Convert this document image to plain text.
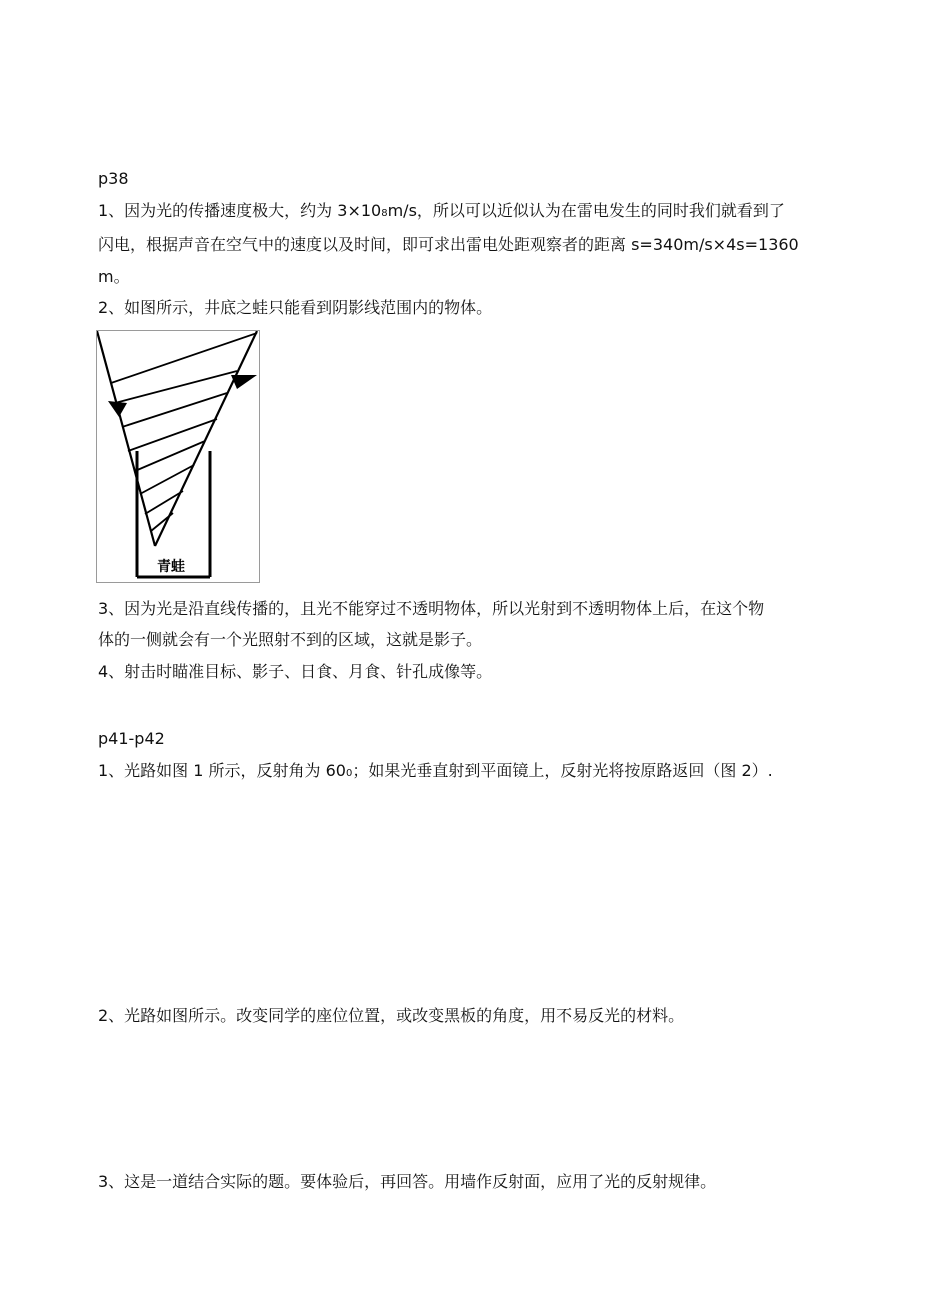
p38
1、因为光的传播速度极大，约为 3×108m/s，所以可以近似认为在雷电发生的同时我们就看到了
闪电，根据声音在空气中的速度以及时间，即可求出雷电处距观察者的距离 s=340m/s×4s=1360
m。
2、如图所示，井底之蛙只能看到阴影线范围内的物体。
青蛙
3、因为光是沿直线传播的，且光不能穿过不透明物体，所以光射到不透明物体上后，在这个物
体的一侧就会有一个光照射不到的区域，这就是影子。
4、射击时瞄准目标、影子、日食、月食、针孔成像等。
p41-p42
1、光路如图 1 所示，反射角为 600；如果光垂直射到平面镜上，反射光将按原路返回（图 2）.
2、光路如图所示。改变同学的座位位置，或改变黑板的角度，用不易反光的材料。
3、这是一道结合实际的题。要体验后，再回答。用墙作反射面，应用了光的反射规律。
